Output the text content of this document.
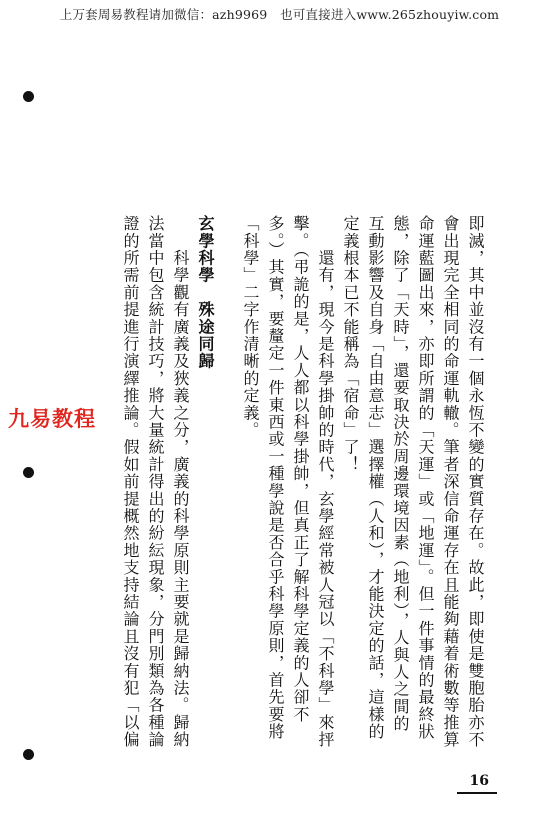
上万套周易教程请加微信：azh9969　也可直接进入www.265zhouyiw.com
即滅，其中並沒有一個永恆不變的實質存在。故此，即使是雙胞胎亦不
會出現完全相同的命運軌轍。筆者深信命運存在且能夠藉着術數等推算
命運藍圖出來，亦即所謂的「天運」或「地運」。但一件事情的最終狀
態，除了「天時」，還要取決於周邊環境因素（地利），人與人之間的
互動影響及自身「自由意志」選擇權（人和），才能決定的話，這樣的
定義根本已不能稱為「宿命」了！
　　還有，現今是科學掛帥的時代，玄學經常被人冠以「不科學」來抨
擊。（弔詭的是，人人都以科學掛帥，但真正了解科學定義的人卻不
多。）其實，要釐定一件東西或一種學說是否合乎科學原則，首先要將
「科學」二字作清晰的定義。
玄學科學　殊途同歸
　　科學觀有廣義及狹義之分，廣義的科學原則主要就是歸納法。歸納
法當中包含統計技巧，將大量統計得出的紛紜現象，分門別類為各種論
證的所需前提進行演繹推論。假如前提概然地支持結論且沒有犯「以偏
九易教程
16
